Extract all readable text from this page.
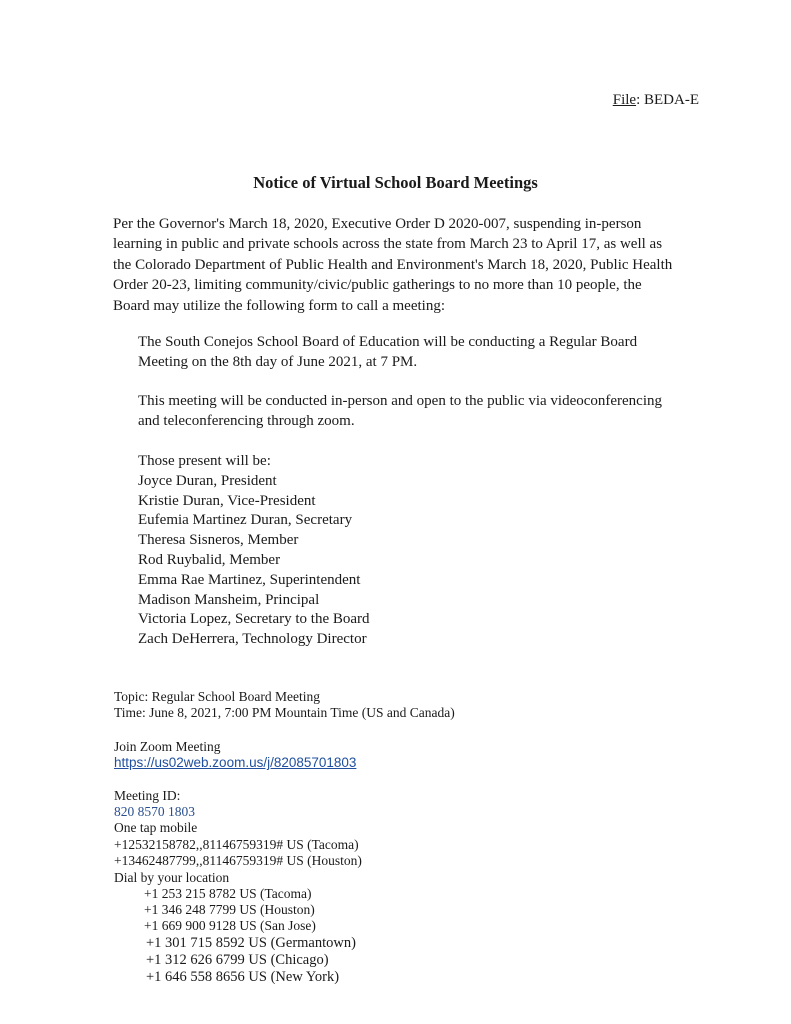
File: BEDA-E
Notice of Virtual School Board Meetings
Per the Governor's March 18, 2020, Executive Order D 2020-007, suspending in-person
learning in public and private schools across the state from March 23 to April 17, as well as
the Colorado Department of Public Health and Environment's March 18, 2020, Public Health
Order 20-23, limiting community/civic/public gatherings to no more than 10 people, the
Board may utilize the following form to call a meeting:
The South Conejos School Board of Education will be conducting a Regular Board
Meeting on the 8th day of June 2021, at 7 PM.
This meeting will be conducted in-person and open to the public via videoconferencing
and teleconferencing through zoom.
Those present will be:
Joyce Duran, President
Kristie Duran, Vice-President
Eufemia Martinez Duran, Secretary
Theresa Sisneros, Member
Rod Ruybalid, Member
Emma Rae Martinez, Superintendent
Madison Mansheim, Principal
Victoria Lopez, Secretary to the Board
Zach DeHerrera, Technology Director
Topic: Regular School Board Meeting
Time: June 8, 2021, 7:00 PM Mountain Time (US and Canada)
Join Zoom Meeting
https://us02web.zoom.us/j/82085701803
Meeting ID:
820 8570 1803
One tap mobile
+12532158782,,81146759319# US (Tacoma)
+13462487799,,81146759319# US (Houston)
Dial by your location
+1 253 215 8782 US (Tacoma)
+1 346 248 7799 US (Houston)
+1 669 900 9128 US (San Jose)
+1 301 715 8592 US (Germantown)
+1 312 626 6799 US (Chicago)
+1 646 558 8656 US (New York)
